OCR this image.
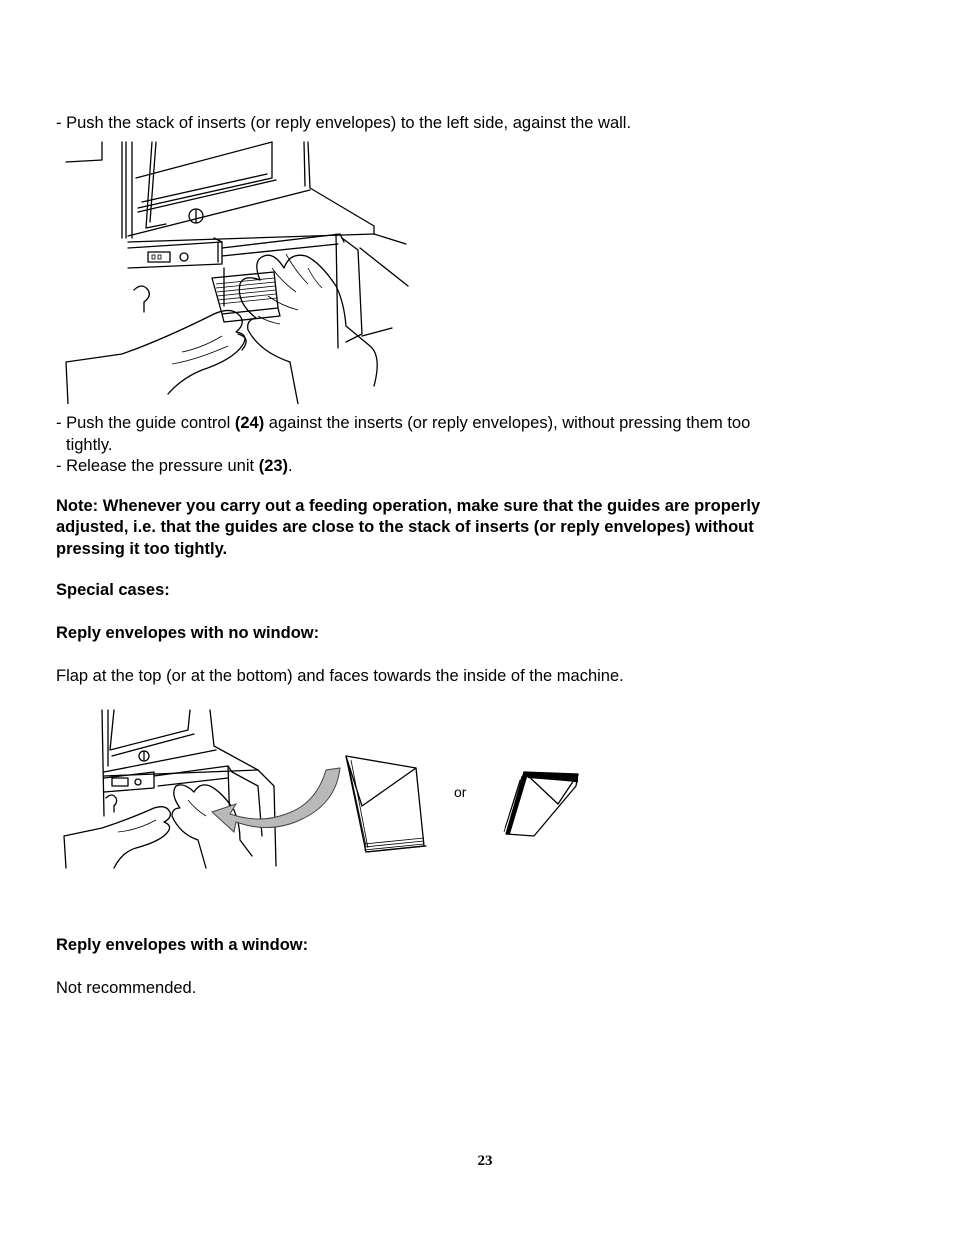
- Push the stack of inserts (or reply envelopes) to the left side, against the wall.

- Push the guide control (24) against the inserts (or reply envelopes), without pressing them too

tightly.

- Release the pressure unit (23).

Note: Whenever you carry out a feeding operation, make sure that the guides are properly

adjusted, i.e. that the guides are close to the stack of inserts (or reply envelopes) without

pressing it too tightly.

Special cases:

Reply envelopes with no window:

Flap at the top (or at the bottom) and faces towards the inside of the machine.

or

Reply envelopes with a window:

Not recommended.

23
